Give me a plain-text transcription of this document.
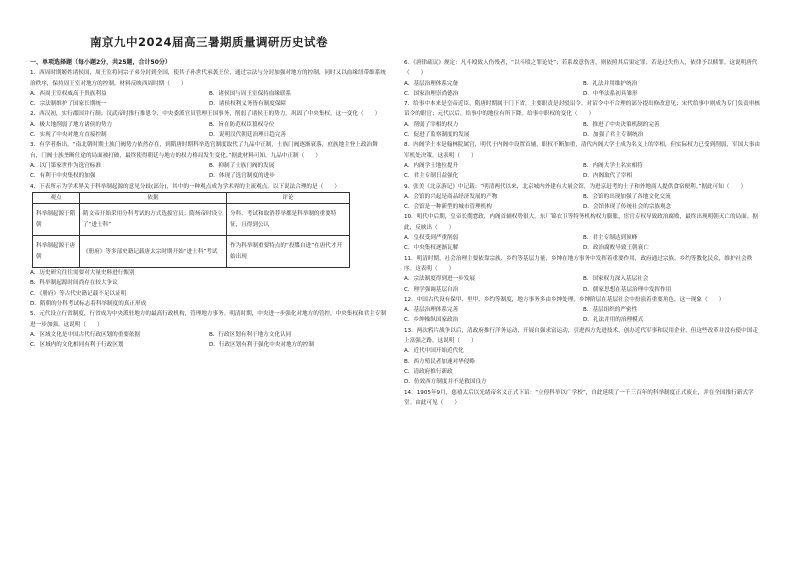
南京九中2024届高三暑期质量调研历史试卷
一、单项选择题（每小题2分，共25题，合计50分）

1．西周时期姬姓诸侯国，周王室将同宗子弟分封到全国，使其子孙世代承袭王位，通过宗法与分封加强对地方的控制，同时又以血缘纽带维系统治秩序，保持周王室对地方的控制。材料反映西周时期（　　）

A．西周王室权威高于贵族利益	B．诸侯国与周王室保持血缘联系
C．宗法制维护了国家长期统一	D．诸侯权利义务皆有制度保障

2．西汉初，实行郡国并行制；汉武帝时推行推恩令，中央委派官员管理王国事务，削弱了诸侯王的势力，巩固了中央集权。这一变化（　　）

A．极大地削弱了地方诸侯的势力	B．旨在防范权臣篡权夺位
C．实现了中央对地方直接控制	D．说明汉代朝廷治理日趋完善

3．有学者指出，“南北朝时期士族门阀势力依然存在，到隋唐时期科举选官制度取代了九品中正制，士族门阀逐渐衰落，庶族地主登上政治舞台，门阀士族垄断仕途的局面被打破，最终使得朝廷与地方的权力格局发生变化。”据此材料可知，九品中正制（　　）

A．以门第家世作为选官标准	B．抑制了士族门阀的发展
C．有利于中央集权的加强	D．体现了选官制度的进步

4．下表所示为学术界关于科举制起源的意见分歧(部分)，其中的一种观点成为学术界的主流观点。以下说法合理的是（　　）

观点	依据	评论
科举制起源于隋朝	隋文帝开始采用分科考试的方式选拔官员；隋炀帝时设立了“进士科”	分科、考试和取消荐举都是科举制的重要特征，且得到公认
科举制起源于唐朝	《册府》等多部史籍记载唐太宗时期开始“进士科”考试	作为科举制重要特点的“投牒自进”在唐代才开始出现
A．历史研究往往需要对大量史料进行甄别
B．科举制起源时间尚存在较大争议
C．《册府》等古代史籍记载不足以证明
D．隋朝的分科考试标志着科举制度的真正形成

5．元代设立行省制度，行省成为中央派驻地方的最高行政机构，管理地方事务。明清时期，中央进一步强化对地方的管控，中央集权和君主专制进一步加强。这说明（　　）

A．区域文化是中国古代行政区划的重要依据	B．行政区划有利于地方文化认同
C．区域内的文化相同有利于行政区划	D．行政区划有利于强化中央对地方的控制

6．《唐律疏议》规定：凡斗殴致人伤残者，“以斗殴之罪论处”；若系故意伤害，则依照其后果定罪；若是过失伤人，依律予以赎罪。这说明唐代（　　）

A．基层治理体系完备	B．礼法并用维护统治
C．国家治理崇尚德治	D．中华法系初具雏形

7．给事中本来是皇帝近臣，隋唐时期属于门下省，主要职责是封驳诏令，对诏令中不合理的部分提出修改意见；宋代给事中则成为专门负责审核诏令的职官；元代以后，给事中的地位有所下降。给事中职权的变化（　　）

A．削弱了宰相的权力	B．推进了中央决策机制的完善
C．促进了监察制度的发展	D．加强了君主专制统治

8．内阁学士本是翰林院属官，明代于内阁中设置首辅，职权不断加重，清代内阁大学士成为名义上的宰相，但实际权力已受到削弱，军国大事由军机处决策。这表明（　　）

A．内阁学士地位提升	B．内阁大学士名实相符
C．君主专制日益强化	D．内阁取代了宰相

9．张美《北京游记》中记载：“明清两代以来，北京城内外建有大量会馆，为进京赶考的士子和外地商人提供食宿便利。”据此可知（　　）

A．会馆的兴起是商品经济发展的产物	B．会馆的出现加强了各地文化交流
C．会馆是一种新型的城市管理机构	D．会馆体现了传统社会的宗族观念

10．明代中后期，皇帝长期怠政，内阁首辅权势很大，东厂锦衣卫等特务机构权力膨胀，宦官专权导致政治腐败，最终出现明朝灭亡的局面。据此，反映出（　　）

A．皇权受到严重削弱	B．君主专制达到顶峰
C．中央集权逐渐瓦解	D．政治腐败导致王朝衰亡

11．明清时期，社会治理主要依靠宗族、乡约等基层力量，乡绅在地方事务中发挥着重要作用，政府通过宗族、乡约等教化民众，维护社会秩序。这表明（　　）

A．宗法制度得到进一步发展	B．国家权力深入基层社会
C．理学强调基层自治	D．儒家思想在基层治理中发挥作用

12．中国古代设有保甲、里甲、乡约等制度，地方事务多由乡绅处理，乡绅阶层在基层社会中扮演着重要角色，这一现象（　　）

A．基层治理体系完善	B．基层组织的严密性
C．乡绅操纵国家政治	D．礼法并用的治理模式

13．两次鸦片战争以后，清政府推行洋务运动，开展自强求富运动，引进西方先进技术，创办近代军事和民用企业，但这些改革并没有使中国走上富强之路。这说明（　　）

A．近代中国开始近代化
B．西方殖民者加速对华侵略
C．清政府推行新政
D．仿效西方制度并不是救国良方

14．1905年9月，慈禧太后以光绪帝名义正式下诏：“立停科举以广学校”，自此延续了一千三百年的科举制度正式废止，并在全国推行新式学堂。由此可见（　　）
